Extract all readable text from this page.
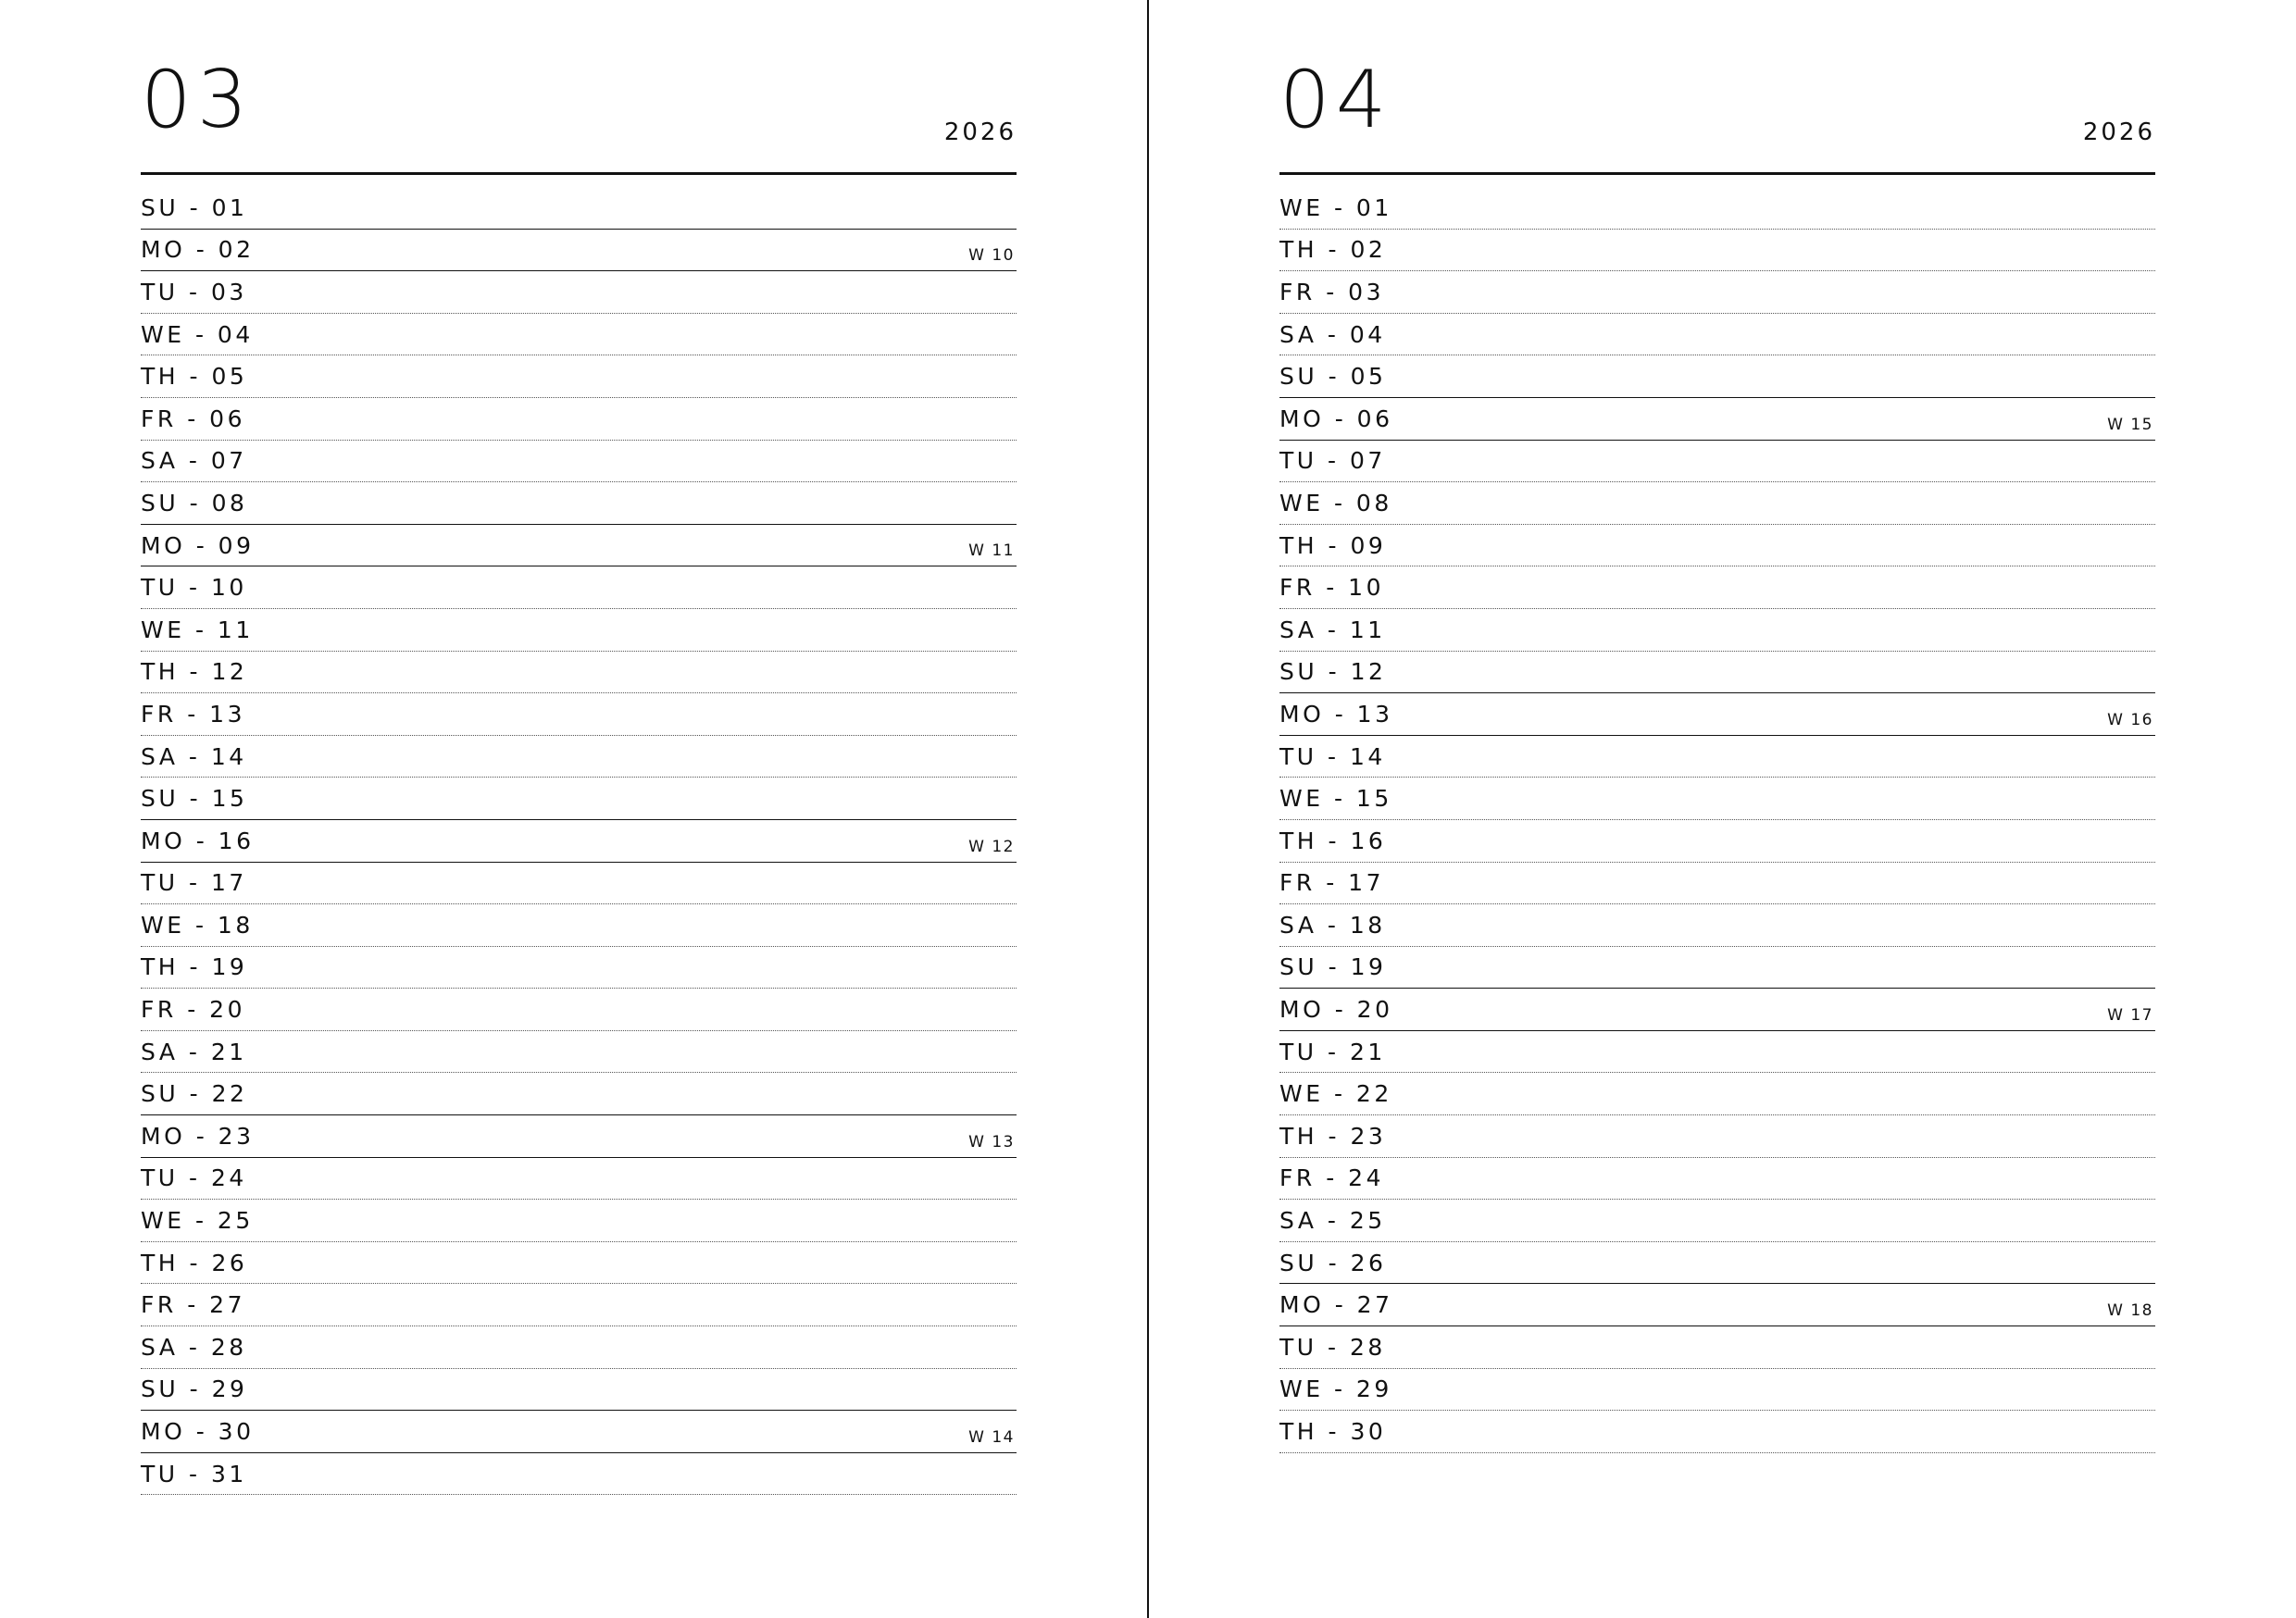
03	2026
SU - 01
MO - 02	W 10
TU - 03
WE - 04
TH - 05
FR - 06
SA - 07
SU - 08
MO - 09	W 11
TU - 10
WE - 11
TH - 12
FR - 13
SA - 14
SU - 15
MO - 16	W 12
TU - 17
WE - 18
TH - 19
FR - 20
SA - 21
SU - 22
MO - 23	W 13
TU - 24
WE - 25
TH - 26
FR - 27
SA - 28
SU - 29
MO - 30	W 14
TU - 31
04	2026
WE - 01
TH - 02
FR - 03
SA - 04
SU - 05
MO - 06	W 15
TU - 07
WE - 08
TH - 09
FR - 10
SA - 11
SU - 12
MO - 13	W 16
TU - 14
WE - 15
TH - 16
FR - 17
SA - 18
SU - 19
MO - 20	W 17
TU - 21
WE - 22
TH - 23
FR - 24
SA - 25
SU - 26
MO - 27	W 18
TU - 28
WE - 29
TH - 30
